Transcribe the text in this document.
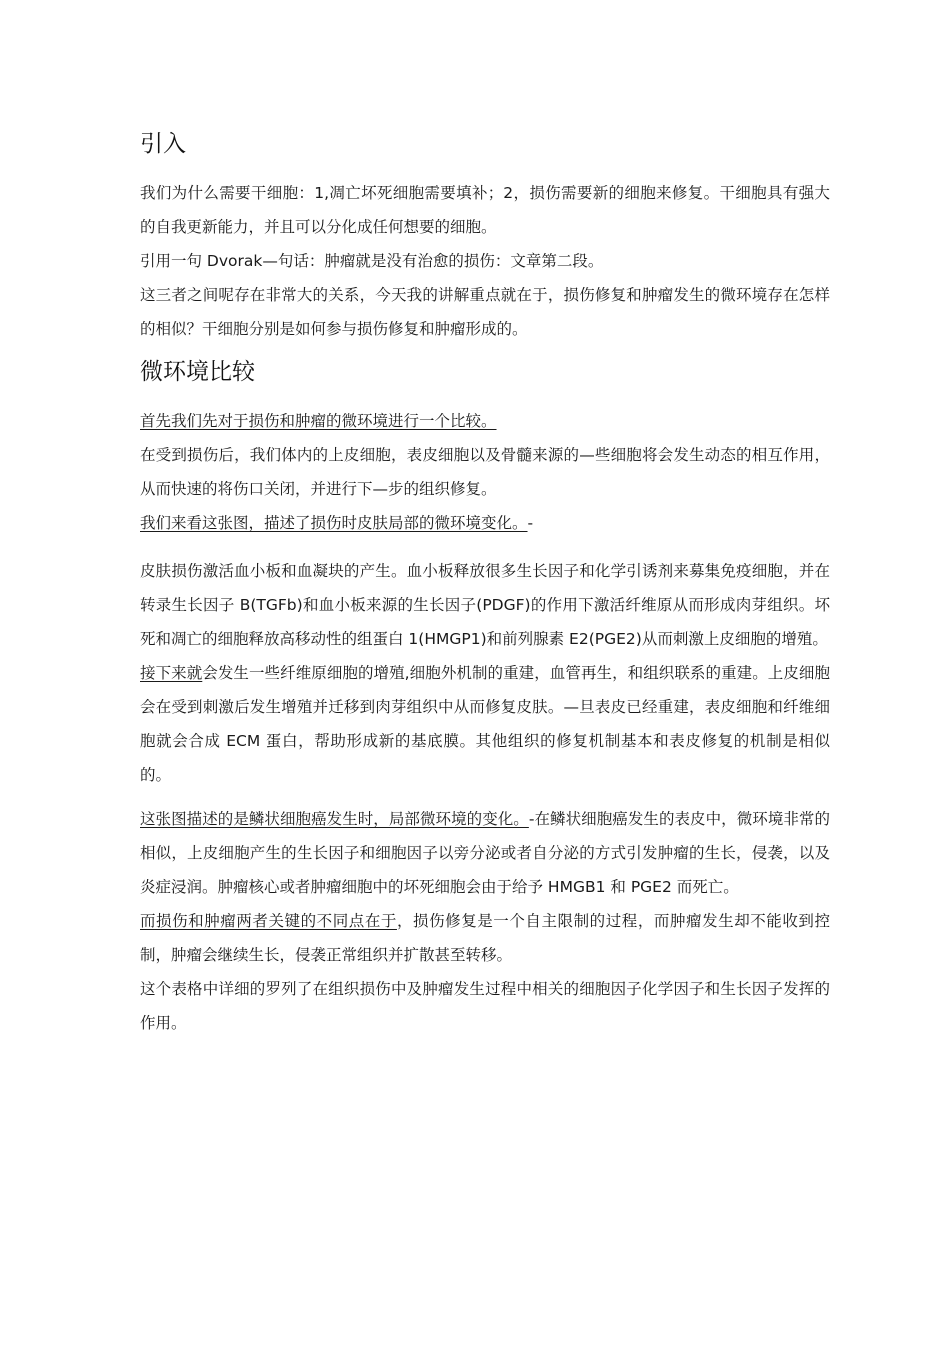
引入

我们为什么需要干细胞：1,凋亡坏死细胞需要填补；2，损伤需要新的细胞来修复。干细胞具有强大的自我更新能力，并且可以分化成任何想要的细胞。

引用一句 Dvorak—句话：肿瘤就是没有治愈的损伤：文章第二段。

这三者之间呢存在非常大的关系，今天我的讲解重点就在于，损伤修复和肿瘤发生的微环境存在怎样的相似？干细胞分别是如何参与损伤修复和肿瘤形成的。

微环境比较

首先我们先对于损伤和肿瘤的微环境进行一个比较。

在受到损伤后，我们体内的上皮细胞，表皮细胞以及骨髓来源的—些细胞将会发生动态的相互作用，从而快速的将伤口关闭，并进行下—步的组织修复。

我们来看这张图，描述了损伤时皮肤局部的微环境变化。-

皮肤损伤激活血小板和血凝块的产生。血小板释放很多生长因子和化学引诱剂来募集免疫细胞，并在转录生长因子 B(TGFb)和血小板来源的生长因子(PDGF)的作用下激活纤维原从而形成肉芽组织。坏死和凋亡的细胞释放高移动性的组蛋白 1(HMGP1)和前列腺素 E2(PGE2)从而刺激上皮细胞的增殖。

接下来就会发生一些纤维原细胞的增殖,细胞外机制的重建，血管再生，和组织联系的重建。上皮细胞会在受到刺激后发生增殖并迁移到肉芽组织中从而修复皮肤。—旦表皮已经重建，表皮细胞和纤维细胞就会合成 ECM 蛋白，帮助形成新的基底膜。其他组织的修复机制基本和表皮修复的机制是相似的。

这张图描述的是鳞状细胞癌发生时，局部微环境的变化。-在鳞状细胞癌发生的表皮中，微环境非常的相似，上皮细胞产生的生长因子和细胞因子以旁分泌或者自分泌的方式引发肿瘤的生长，侵袭，以及炎症浸润。肿瘤核心或者肿瘤细胞中的坏死细胞会由于给予 HMGB1 和 PGE2 而死亡。

而损伤和肿瘤两者关键的不同点在于，损伤修复是一个自主限制的过程，而肿瘤发生却不能收到控制，肿瘤会继续生长，侵袭正常组织并扩散甚至转移。

这个表格中详细的罗列了在组织损伤中及肿瘤发生过程中相关的细胞因子化学因子和生长因子发挥的作用。
